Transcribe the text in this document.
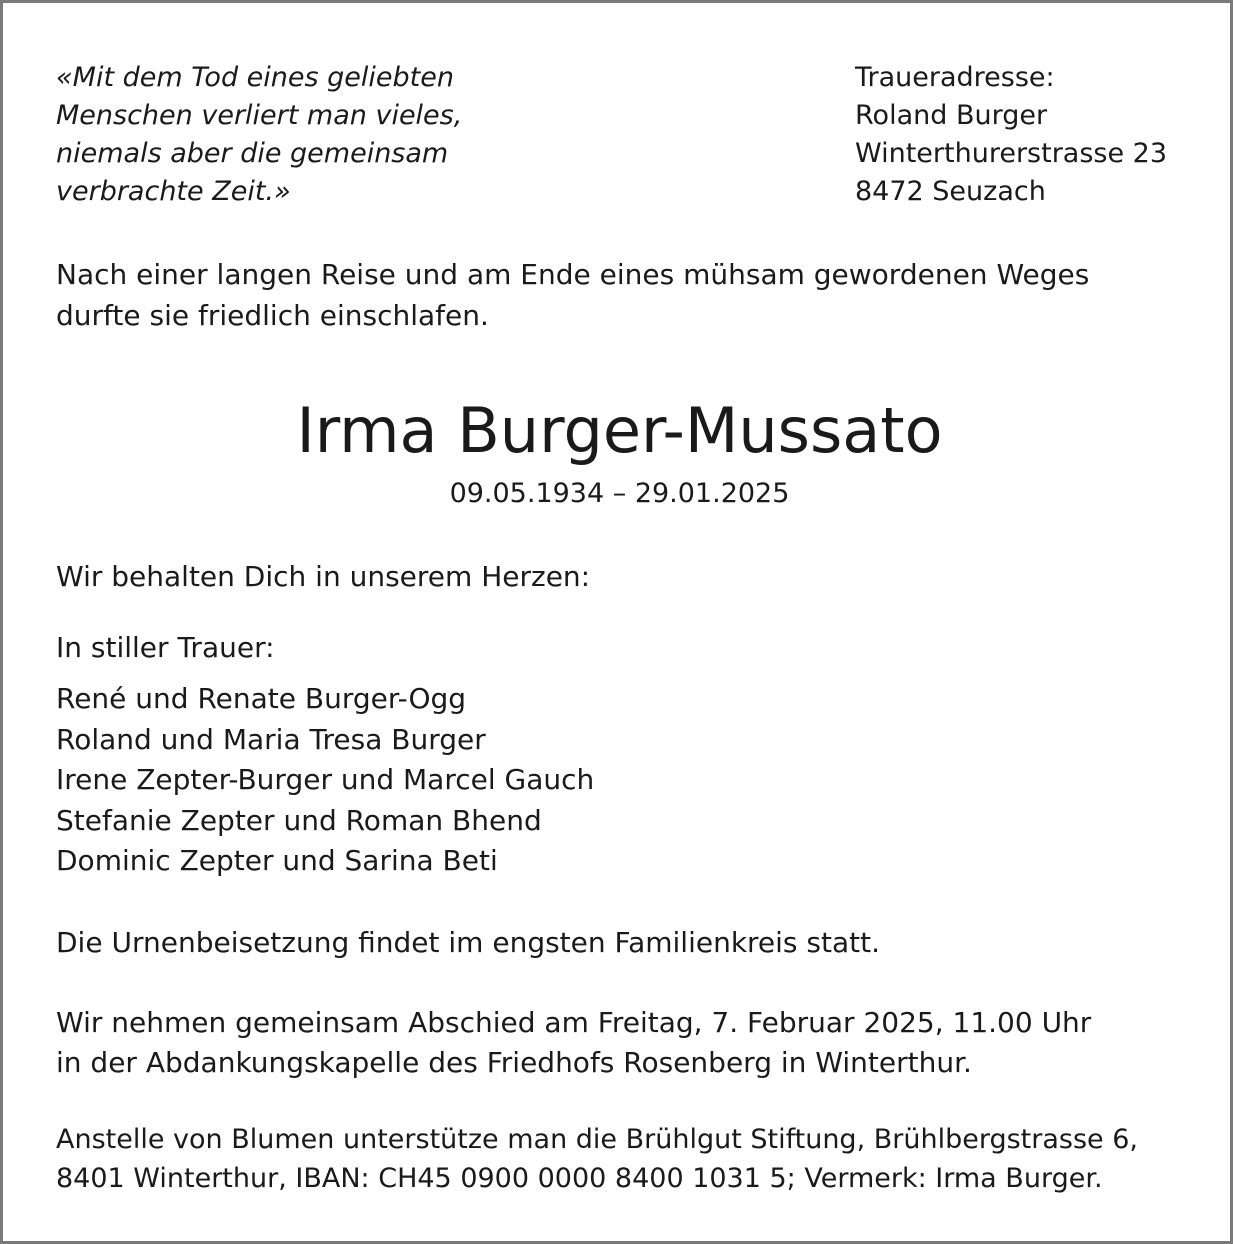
«Mit dem Tod eines geliebten
Menschen verliert man vieles,
niemals aber die gemeinsam
verbrachte Zeit.»
Traueradresse:
Roland Burger
Winterthurerstrasse 23
8472 Seuzach
Nach einer langen Reise und am Ende eines mühsam gewordenen Weges
durfte sie friedlich einschlafen.
Irma Burger-Mussato
09.05.1934 – 29.01.2025
Wir behalten Dich in unserem Herzen:
In stiller Trauer:
René und Renate Burger-Ogg
Roland und Maria Tresa Burger
Irene Zepter-Burger und Marcel Gauch
Stefanie Zepter und Roman Bhend
Dominic Zepter und Sarina Beti
Die Urnenbeisetzung findet im engsten Familienkreis statt.
Wir nehmen gemeinsam Abschied am Freitag, 7. Februar 2025, 11.00 Uhr
in der Abdankungskapelle des Friedhofs Rosenberg in Winterthur.
Anstelle von Blumen unterstütze man die Brühlgut Stiftung, Brühlbergstrasse 6,
8401 Winterthur, IBAN: CH45 0900 0000 8400 1031 5; Vermerk: Irma Burger.
